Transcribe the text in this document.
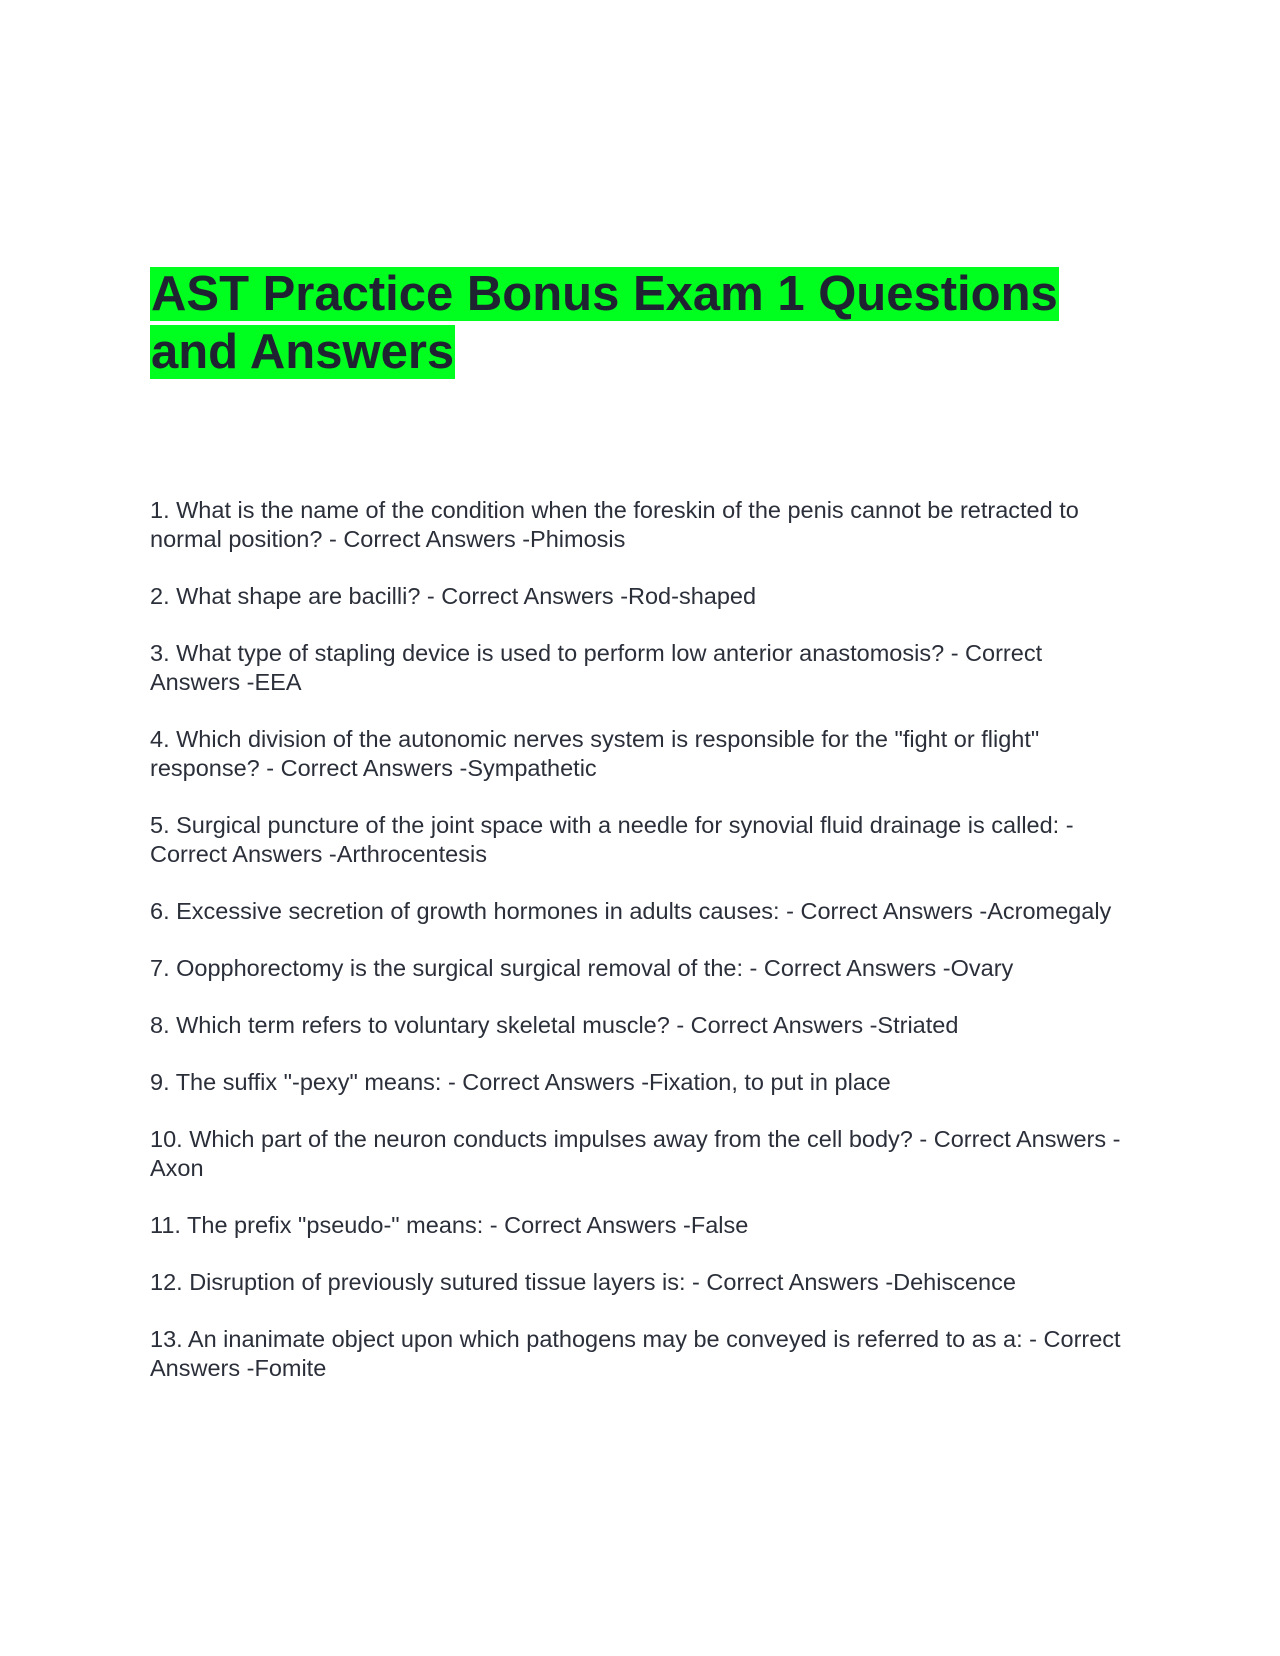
AST Practice Bonus Exam 1 Questions and Answers
1. What is the name of the condition when the foreskin of the penis cannot be retracted to normal position? - Correct Answers -Phimosis
2. What shape are bacilli? - Correct Answers -Rod-shaped
3. What type of stapling device is used to perform low anterior anastomosis? - Correct Answers -EEA
4. Which division of the autonomic nerves system is responsible for the "fight or flight" response? - Correct Answers -Sympathetic
5. Surgical puncture of the joint space with a needle for synovial fluid drainage is called: - Correct Answers -Arthrocentesis
6. Excessive secretion of growth hormones in adults causes: - Correct Answers -Acromegaly
7. Oopphorectomy is the surgical surgical removal of the: - Correct Answers -Ovary
8. Which term refers to voluntary skeletal muscle? - Correct Answers -Striated
9. The suffix "-pexy" means: - Correct Answers -Fixation, to put in place
10. Which part of the neuron conducts impulses away from the cell body? - Correct Answers -Axon
11. The prefix "pseudo-" means: - Correct Answers -False
12. Disruption of previously sutured tissue layers is: - Correct Answers -Dehiscence
13. An inanimate object upon which pathogens may be conveyed is referred to as a: - Correct Answers -Fomite
